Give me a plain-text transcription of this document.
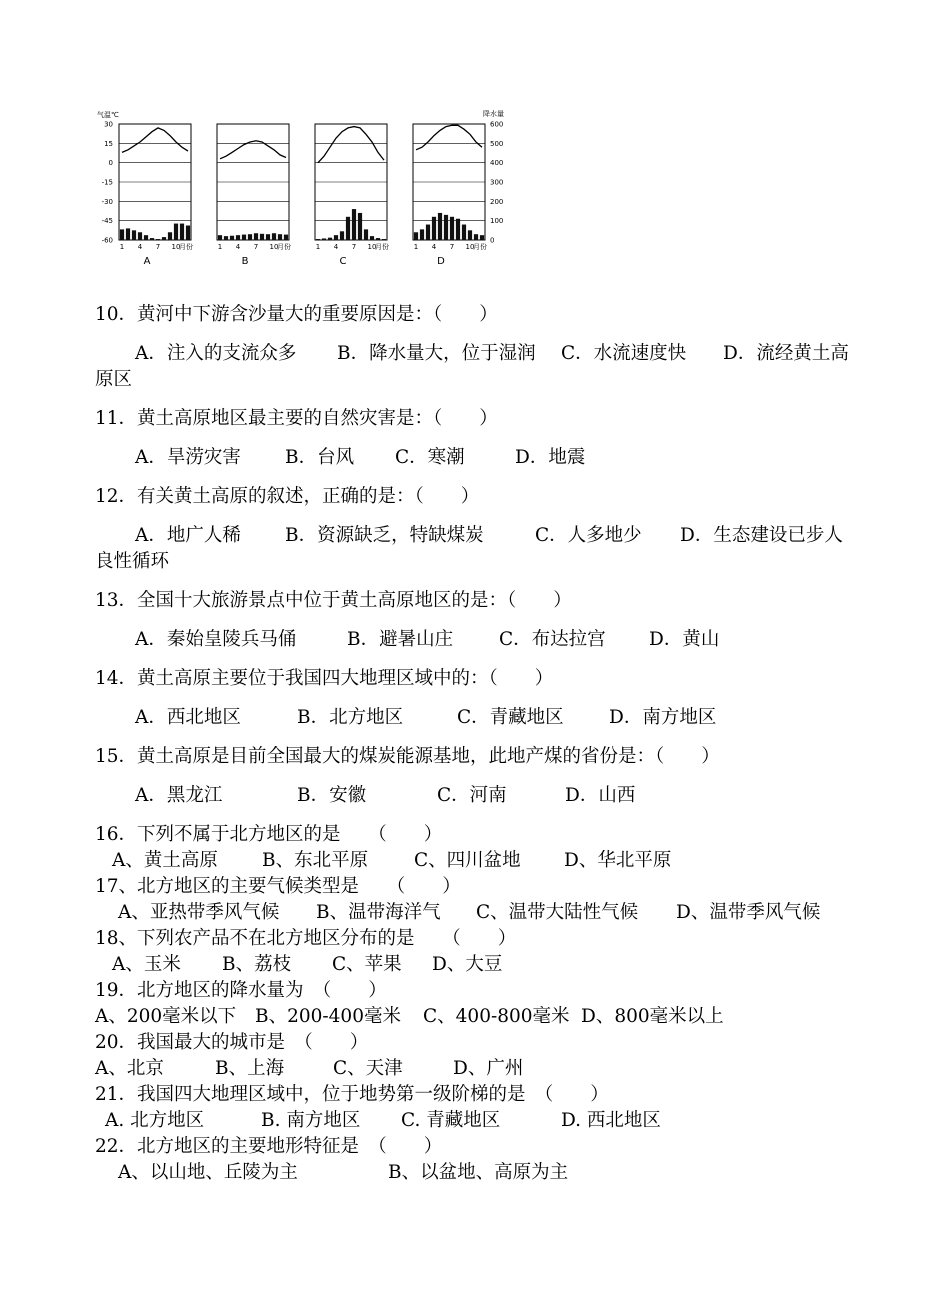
气温℃	降水量
30
15
0
-15
-30
-45
-60
600
500
400
300
200
100
0
1 4 7 10
月份
A
1 4 7 10
月份
B
1 4 7 10
月份
C
1 4 7 10
月份
D
10．黄河中下游含沙量大的重要原因是：（　　）
A．注入的支流众多 B．降水量大，位于湿润 C．水流速度快 D．流经黄土高
原区
11．黄土高原地区最主要的自然灾害是：（　　）
A．旱涝灾害 B．台风 C．寒潮	D．地震
12．有关黄土高原的叙述，正确的是：（　　）
A．地广人稀 B．资源缺乏，特缺煤炭	C．人多地少 D．生态建设已步人
良性循环
13．全国十大旅游景点中位于黄土高原地区的是：（　　）
A．秦始皇陵兵马俑	B．避暑山庄 C．布达拉宫 D．黄山
14．黄土高原主要位于我国四大地理区域中的：（　　）
A．西北地区	B．北方地区	C．青藏地区 D．南方地区
15．黄土高原是目前全国最大的煤炭能源基地，此地产煤的省份是：（　　）
A．黑龙江	B．安徽	C．河南	D．山西
16．下列不属于北方地区的是　　（　　）
A、黄土高原 B、东北平原 C、四川盆地 D、华北平原
17、北方地区的主要气候类型是　　（　　）
A、亚热带季风气候 B、温带海洋气 C、温带大陆性气候 D、温带季风气候
18、下列农产品不在北方地区分布的是　　（　　）
A、玉米 B、荔枝 C、苹果 D、大豆
19．北方地区的降水量为　（　　）
A、200毫米以下 B、200-400毫米 C、400-800毫米 D、800毫米以上
20．我国最大的城市是　（　　）
A、北京	B、上海	C、天津	D、广州
21．我国四大地理区域中，位于地势第一级阶梯的是　（　　）
A. 北方地区	B. 南方地区 C. 青藏地区	D. 西北地区
22．北方地区的主要地形特征是　（　　）
A、以山地、丘陵为主	B、以盆地、高原为主
